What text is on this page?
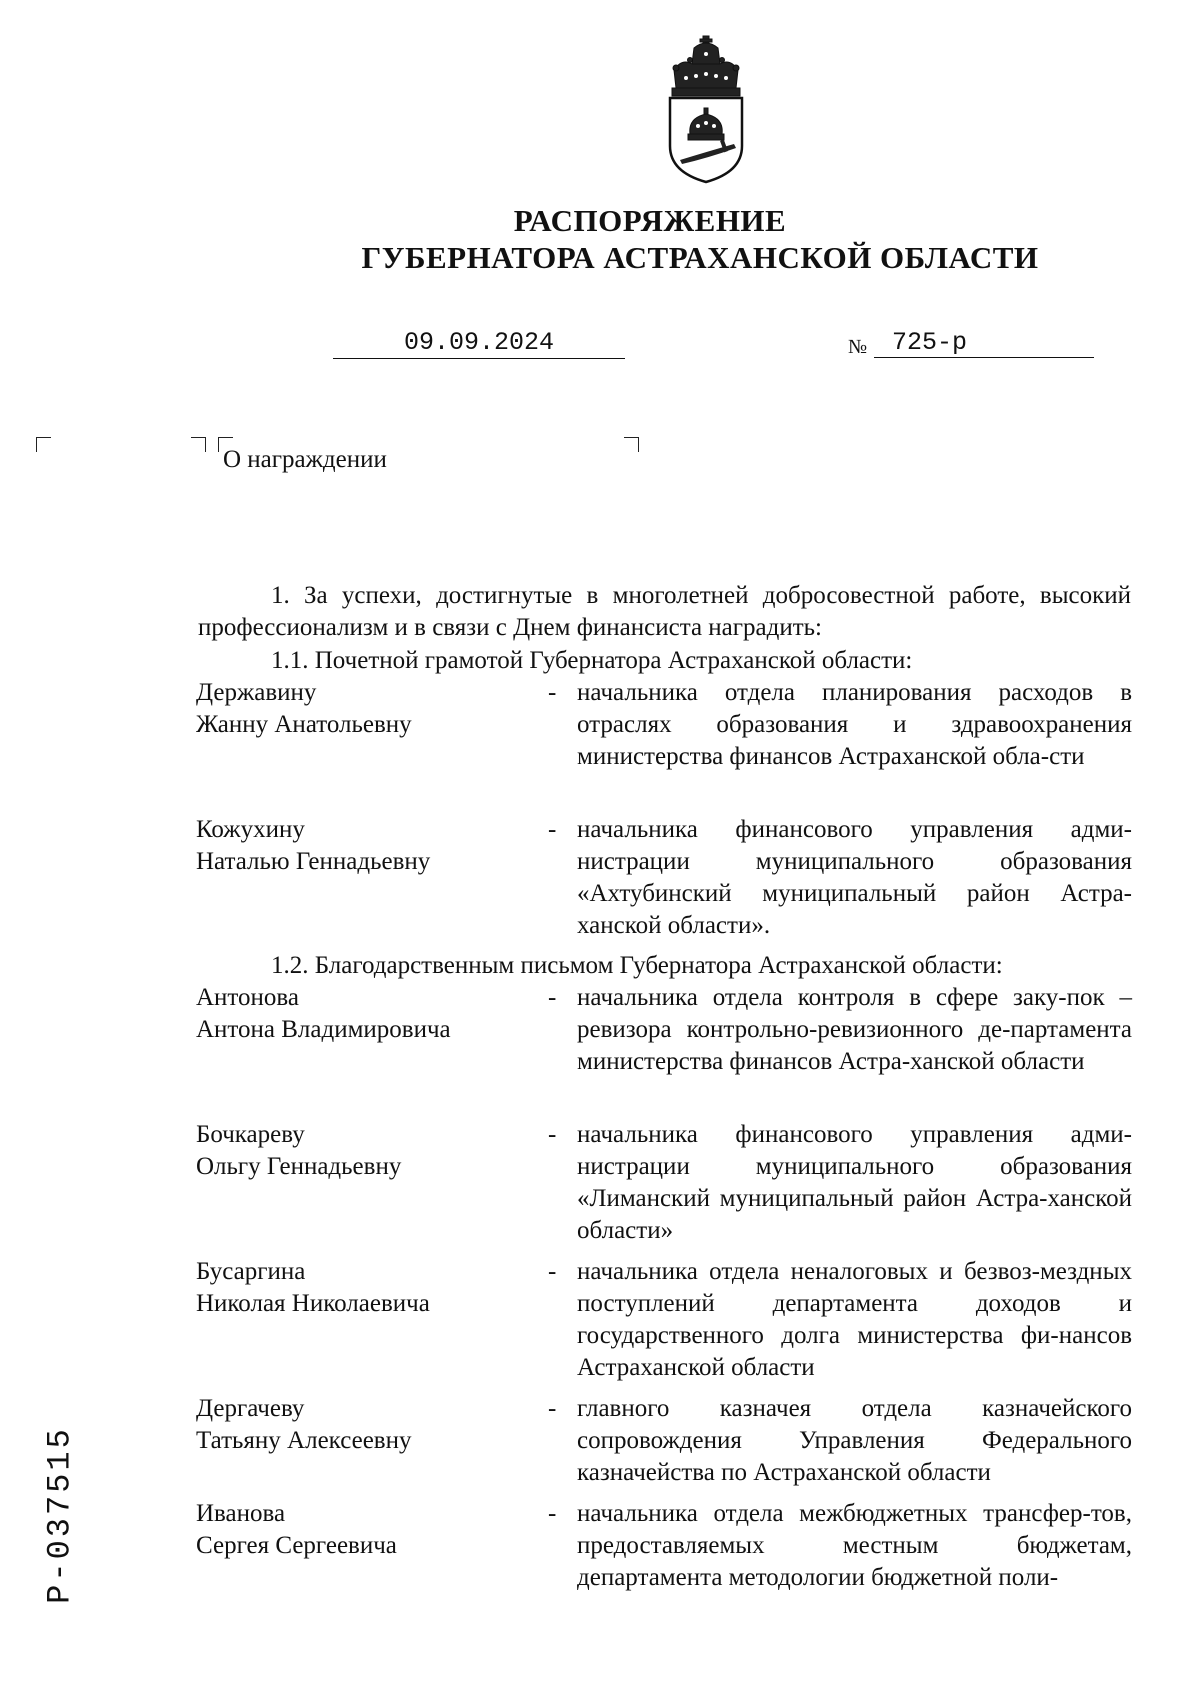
РАСПОРЯЖЕНИЕ
ГУБЕРНАТОРА АСТРАХАНСКОЙ ОБЛАСТИ
09.09.2024	№ 725-р
О награждении
1. За успехи, достигнутые в многолетней добросовестной работе, высокий профессионализм и в связи с Днем финансиста наградить:
1.1. Почетной грамотой Губернатора Астраханской области:
Державину
Жанну Анатольевну
- начальника отдела планирования расходов в отраслях образования и здравоохранения министерства финансов Астраханской обла-сти
Кожухину
Наталью Геннадьевну
- начальника финансового управления адми-нистрации муниципального образования «Ахтубинский муниципальный район Астра-ханской области».
1.2. Благодарственным письмом Губернатора Астраханской области:
Антонова
Антона Владимировича
- начальника отдела контроля в сфере заку-пок – ревизора контрольно-ревизионного де-партамента министерства финансов Астра-ханской области
Бочкареву
Ольгу Геннадьевну
- начальника финансового управления адми-нистрации муниципального образования «Лиманский муниципальный район Астра-ханской области»
Бусаргина
Николая Николаевича
- начальника отдела неналоговых и безвоз-мездных поступлений департамента доходов и государственного долга министерства фи-нансов Астраханской области
Дергачеву
Татьяну Алексеевну
- главного казначея отдела казначейского сопровождения Управления Федерального казначейства по Астраханской области
Иванова
Сергея Сергеевича
- начальника отдела межбюджетных трансфер-тов, предоставляемых местным бюджетам, департамента методологии бюджетной поли-
Р-037515
